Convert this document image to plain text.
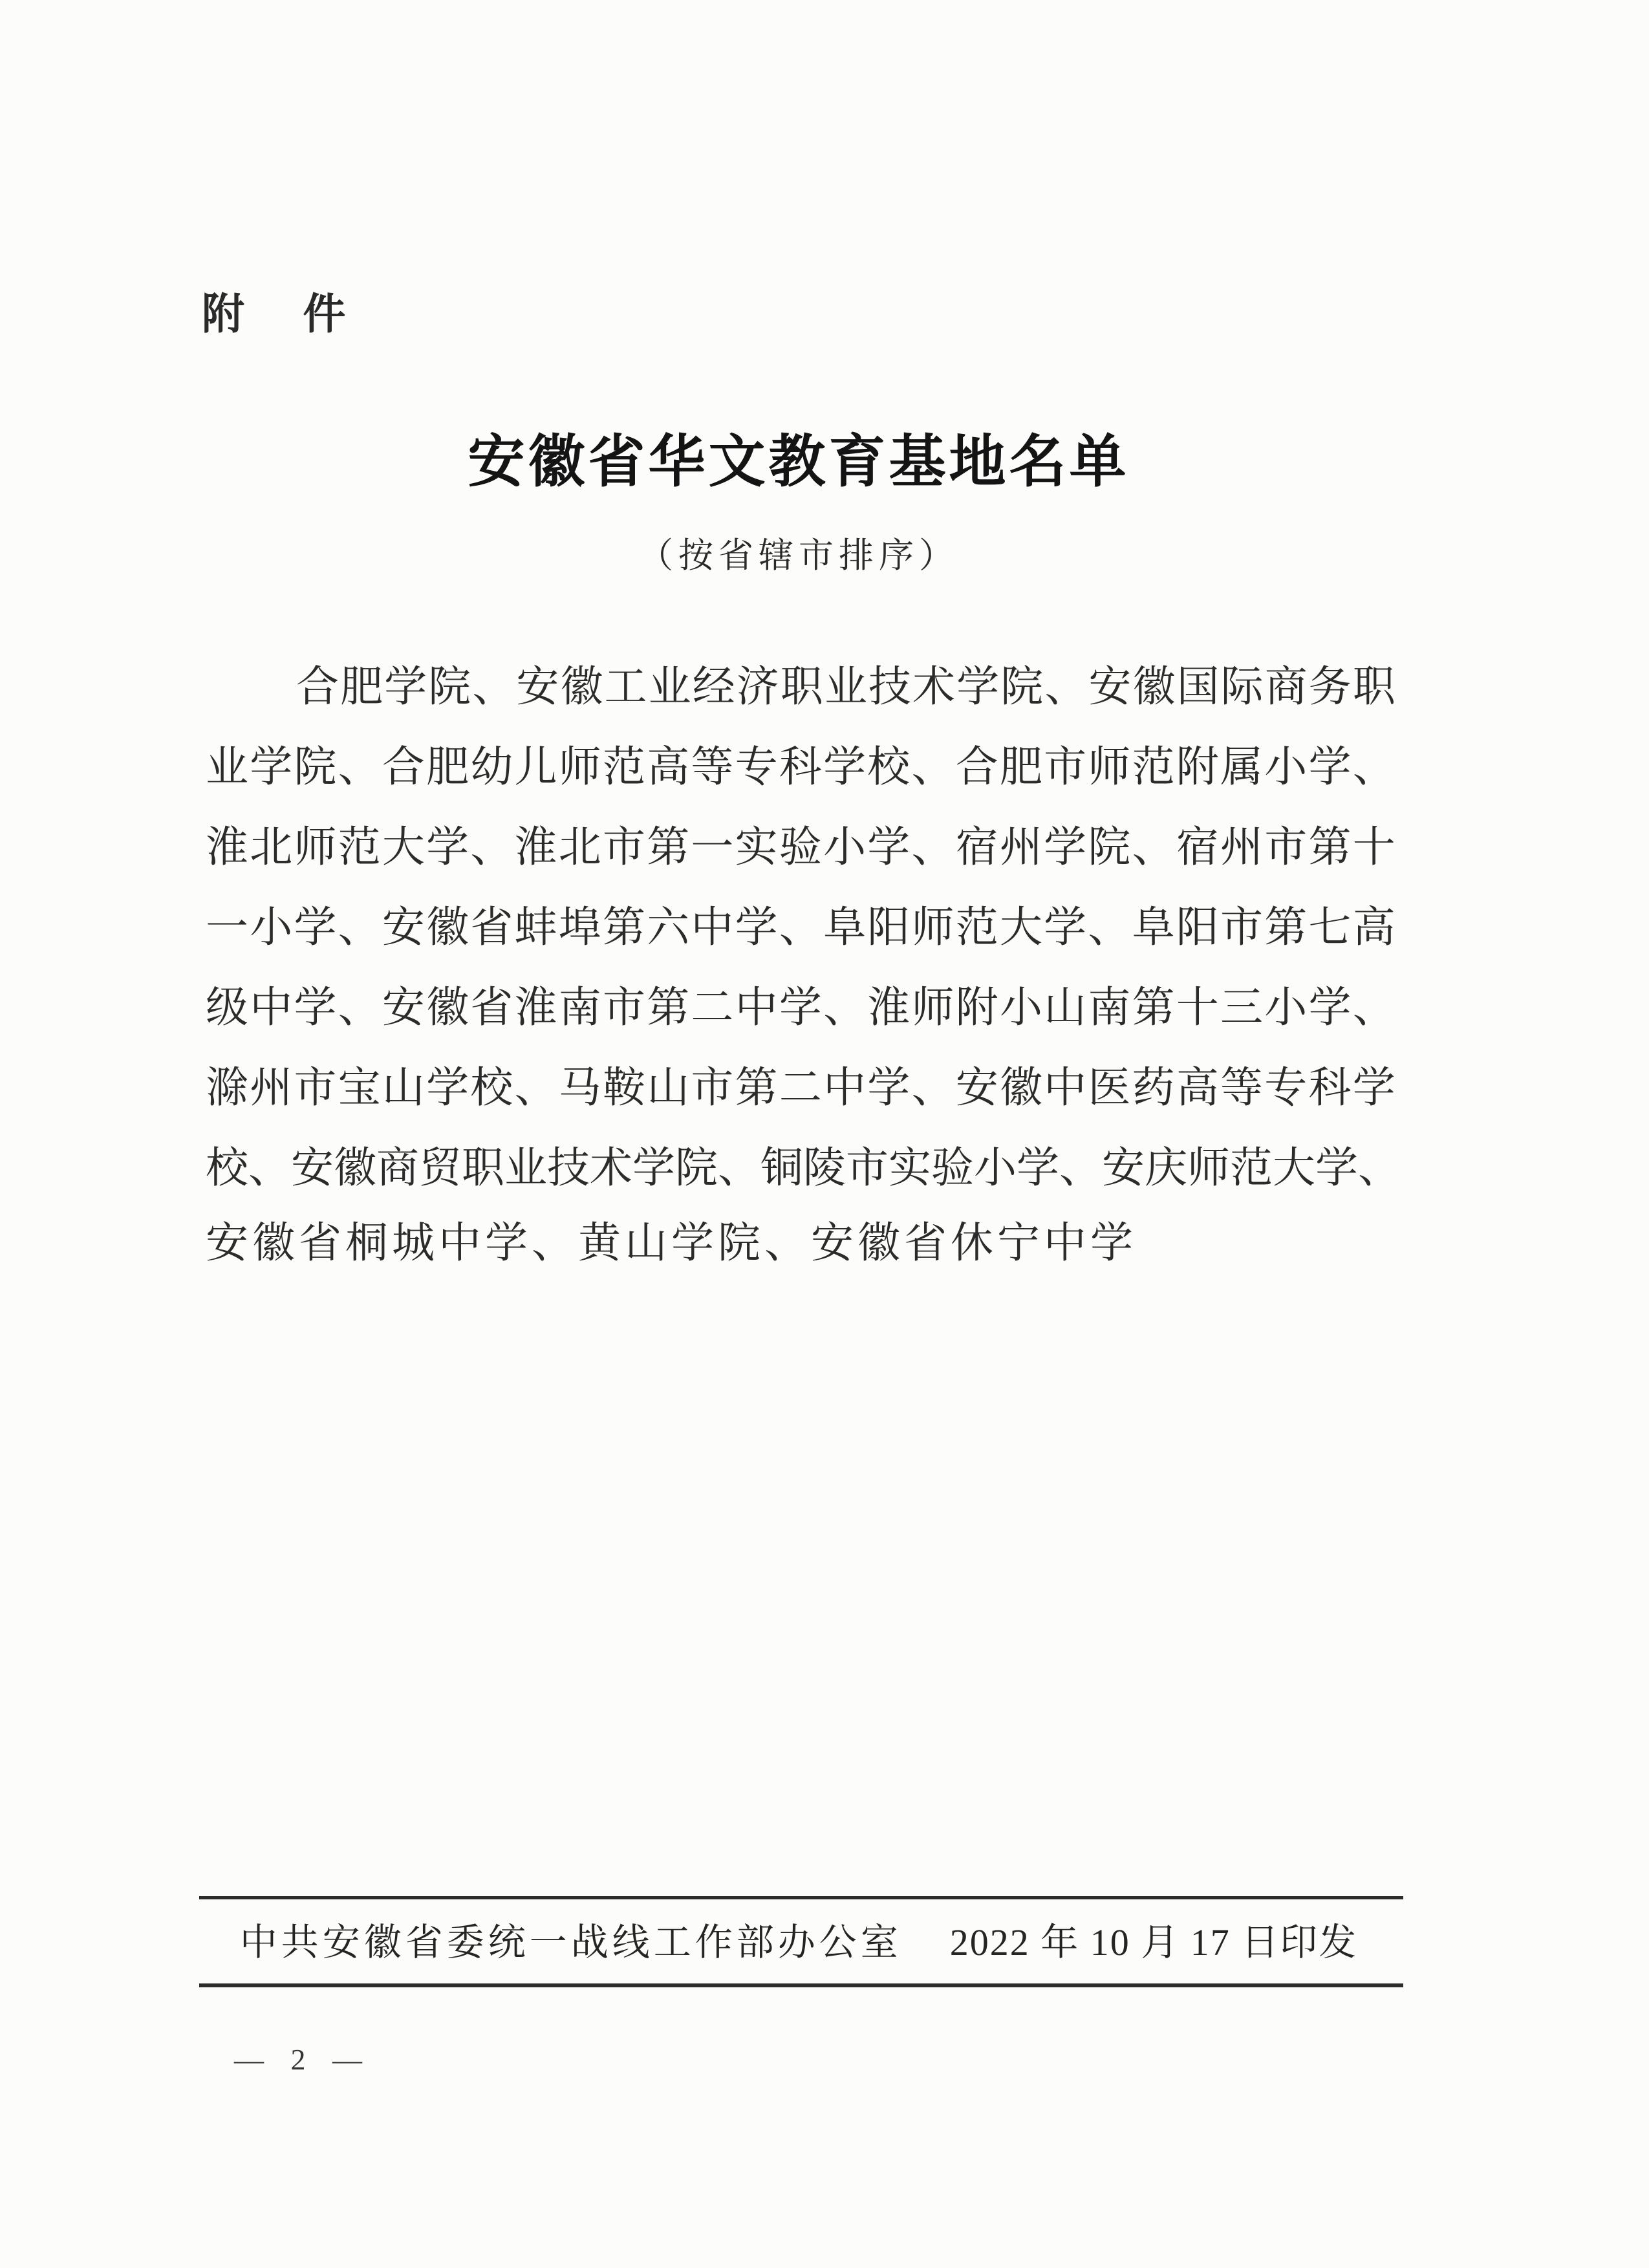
附 件
安徽省华文教育基地名单
（按省辖市排序）
合 肥 学 院 、 安 徽 工 业 经 济 职 业 技 术 学 院 、 安 徽 国 际 商 务 职
业 学 院 、 合 肥 幼 儿 师 范 高 等 专 科 学 校 、 合 肥 市 师 范 附 属 小 学 、
淮 北 师 范 大 学 、 淮 北 市 第 一 实 验 小 学 、 宿 州 学 院 、 宿 州 市 第 十
一 小 学 、 安 徽 省 蚌 埠 第 六 中 学 、 阜 阳 师 范 大 学 、 阜 阳 市 第 七 高
级 中 学 、 安 徽 省 淮 南 市 第 二 中 学 、 淮 师 附 小 山 南 第 十 三 小 学 、
滁 州 市 宝 山 学 校 、 马 鞍 山 市 第 二 中 学 、 安 徽 中 医 药 高 等 专 科 学
校 、 安 徽 商 贸 职 业 技 术 学 院 、 铜 陵 市 实 验 小 学 、 安 庆 师 范 大 学 、
安徽省桐城中学、黄山学院、安徽省休宁中学
中共安徽省委统一战线工作部办公室 2022 年 10 月 17 日印发
— 2 —
